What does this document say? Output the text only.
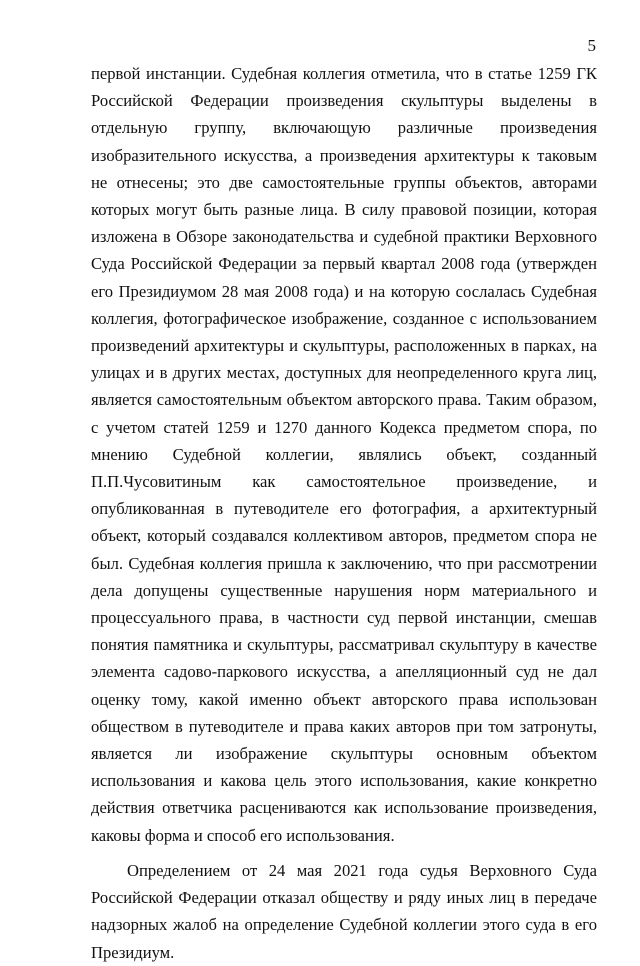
5

первой инстанции. Судебная коллегия отметила, что в статье 1259 ГК Российской Федерации произведения скульптуры выделены в отдельную группу, включающую различные произведения изобразительного искусства, а произведения архитектуры к таковым не отнесены; это две самостоятельные группы объектов, авторами которых могут быть разные лица. В силу правовой позиции, которая изложена в Обзоре законодательства и судебной практики Верховного Суда Российской Федерации за первый квартал 2008 года (утвержден его Президиумом 28 мая 2008 года) и на которую сослалась Судебная коллегия, фотографическое изображение, созданное с использованием произведений архитектуры и скульптуры, расположенных в парках, на улицах и в других местах, доступных для неопределенного круга лиц, является самостоятельным объектом авторского права. Таким образом, с учетом статей 1259 и 1270 данного Кодекса предметом спора, по мнению Судебной коллегии, являлись объект, созданный П.П.Чусовитиным как самостоятельное произведение, и опубликованная в путеводителе его фотография, а архитектурный объект, который создавался коллективом авторов, предметом спора не был. Судебная коллегия пришла к заключению, что при рассмотрении дела допущены существенные нарушения норм материального и процессуального права, в частности суд первой инстанции, смешав понятия памятника и скульптуры, рассматривал скульптуру в качестве элемента садово-паркового искусства, а апелляционный суд не дал оценку тому, какой именно объект авторского права использован обществом в путеводителе и права каких авторов при том затронуты, является ли изображение скульптуры основным объектом использования и какова цель этого использования, какие конкретно действия ответчика расцениваются как использование произведения, каковы форма и способ его использования.

Определением от 24 мая 2021 года судья Верховного Суда Российской Федерации отказал обществу и ряду иных лиц в передаче надзорных жалоб на определение Судебной коллегии этого суда в его Президиум.
